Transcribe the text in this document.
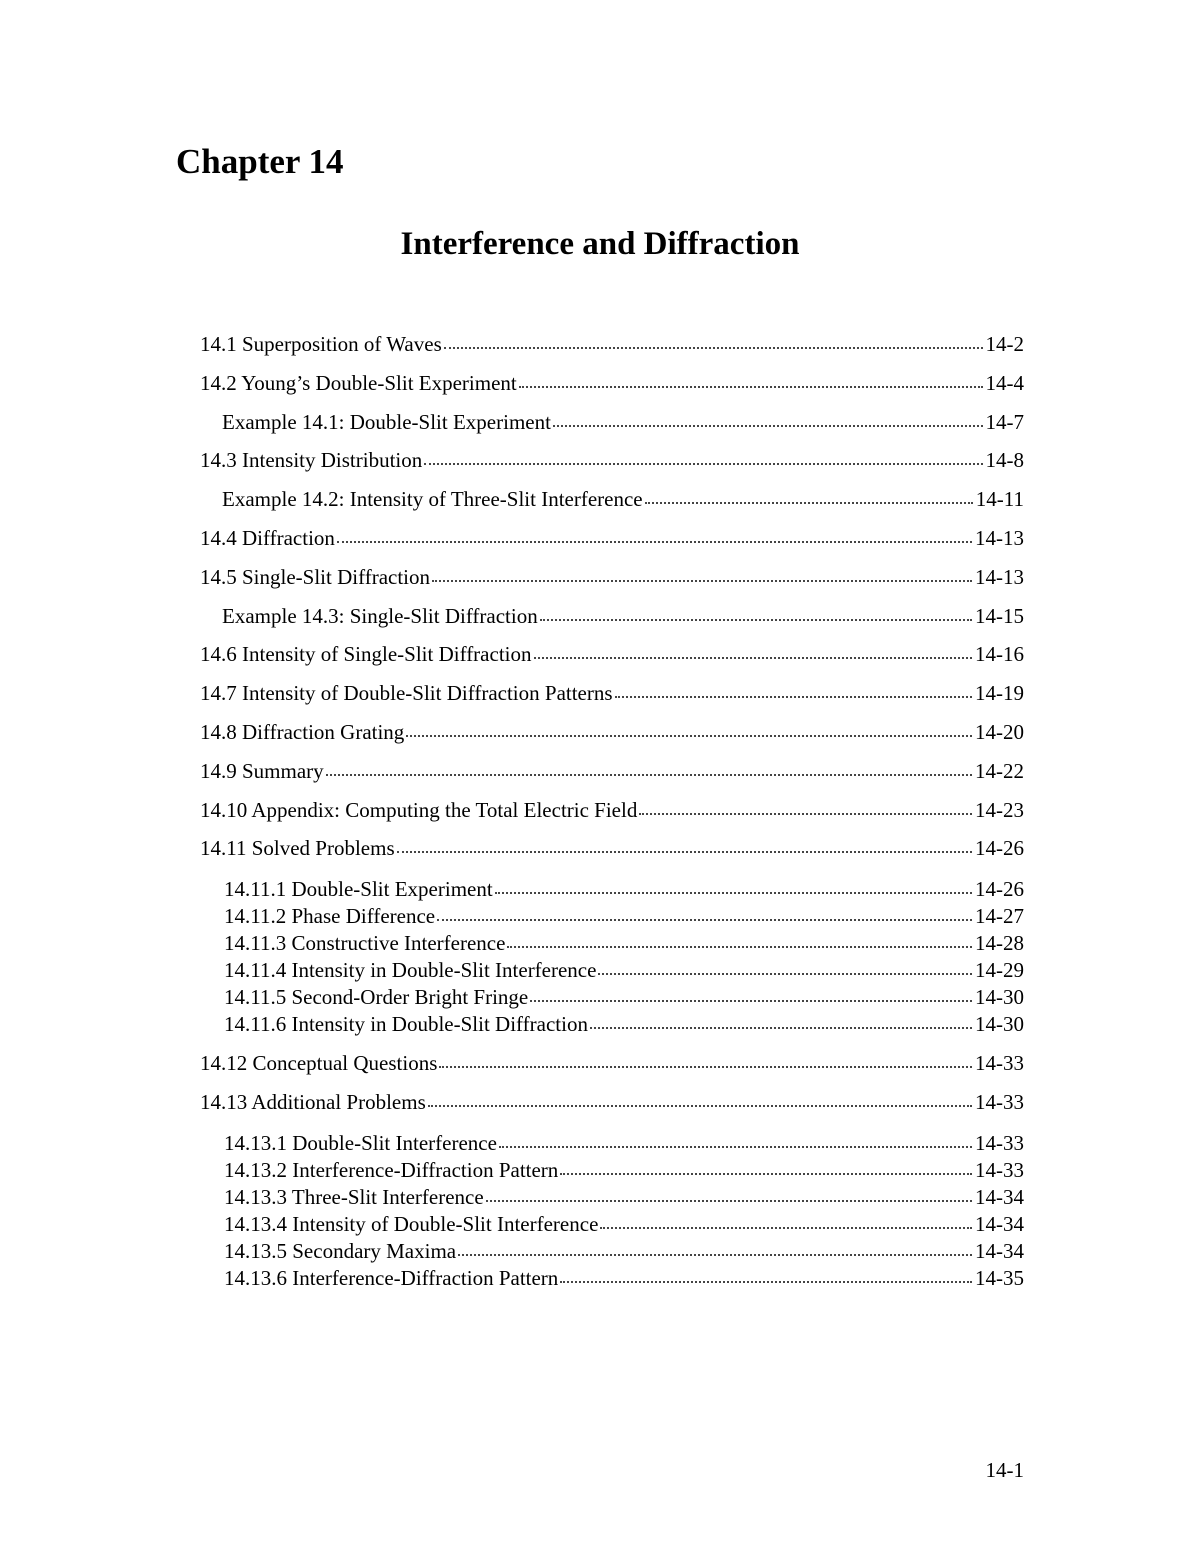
Chapter 14
Interference and Diffraction
14.1 Superposition of Waves	14-2
14.2 Young’s Double-Slit Experiment	14-4
Example 14.1: Double-Slit Experiment	14-7
14.3 Intensity Distribution	14-8
Example 14.2: Intensity of Three-Slit Interference	14-11
14.4 Diffraction	14-13
14.5 Single-Slit Diffraction	14-13
Example 14.3: Single-Slit Diffraction	14-15
14.6 Intensity of Single-Slit Diffraction	14-16
14.7 Intensity of Double-Slit Diffraction Patterns	14-19
14.8 Diffraction Grating	14-20
14.9 Summary	14-22
14.10 Appendix: Computing the Total Electric Field	14-23
14.11 Solved Problems	14-26
14.11.1 Double-Slit Experiment	14-26
14.11.2 Phase Difference	14-27
14.11.3 Constructive Interference	14-28
14.11.4 Intensity in Double-Slit Interference	14-29
14.11.5 Second-Order Bright Fringe	14-30
14.11.6 Intensity in Double-Slit Diffraction	14-30
14.12 Conceptual Questions	14-33
14.13 Additional Problems	14-33
14.13.1 Double-Slit Interference	14-33
14.13.2 Interference-Diffraction Pattern	14-33
14.13.3 Three-Slit Interference	14-34
14.13.4 Intensity of Double-Slit Interference	14-34
14.13.5 Secondary Maxima	14-34
14.13.6 Interference-Diffraction Pattern	14-35
14-1
